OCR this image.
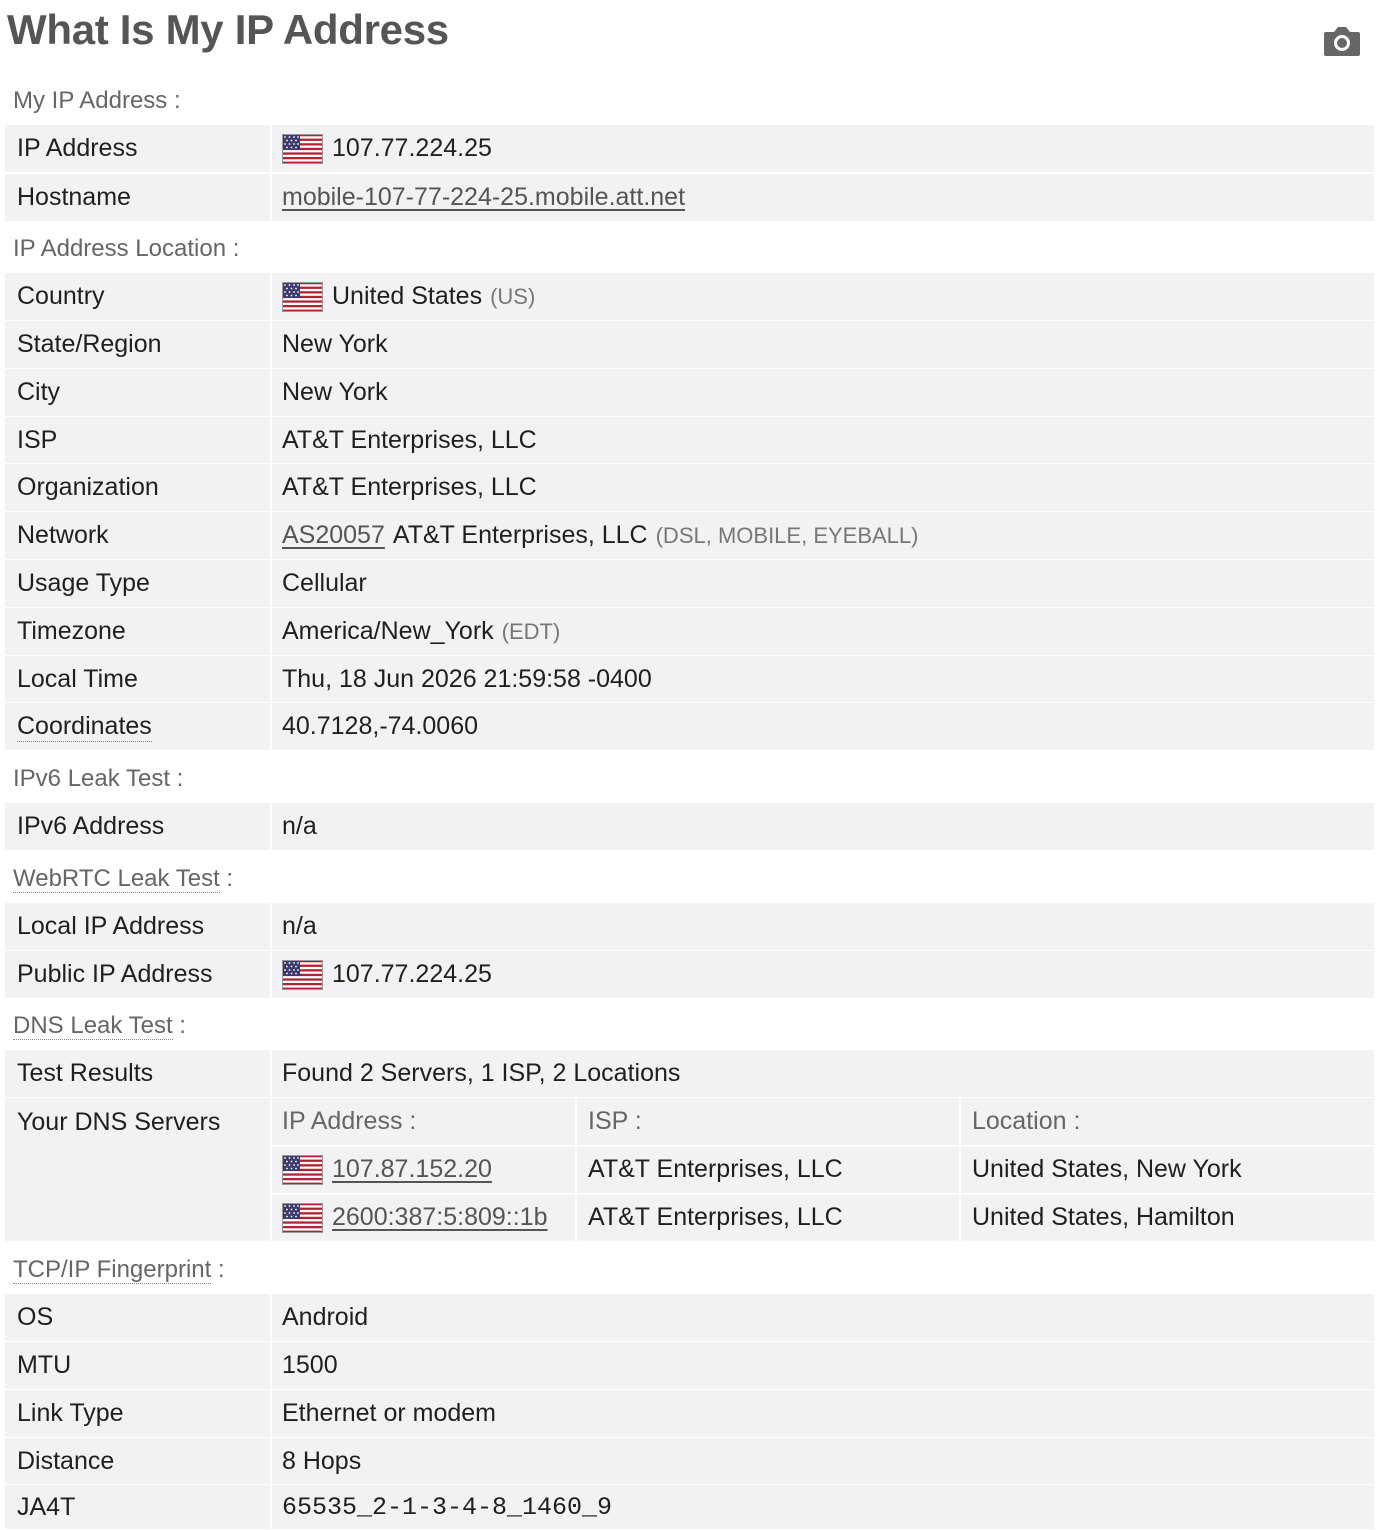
What Is My IP Address
My IP Address :
IP Address	107.77.224.25
Hostname	mobile-107-77-224-25.mobile.att.net
IP Address Location :
Country	United States (US)
State/Region	New York
City	New York
ISP	AT&T Enterprises, LLC
Organization	AT&T Enterprises, LLC
Network	AS20057 AT&T Enterprises, LLC (DSL, MOBILE, EYEBALL)
Usage Type	Cellular
Timezone	America/New_York (EDT)
Local Time	Thu, 18 Jun 2026 21:59:58 -0400
Coordinates	40.7128,-74.0060
IPv6 Leak Test :
IPv6 Address	n/a
WebRTC Leak Test :
Local IP Address	n/a
Public IP Address	107.77.224.25
DNS Leak Test :
Test Results	Found 2 Servers, 1 ISP, 2 Locations
Your DNS Servers	IP Address :	ISP :	Location :
107.87.152.20	AT&T Enterprises, LLC	United States, New York
2600:387:5:809::1b	AT&T Enterprises, LLC	United States, Hamilton
TCP/IP Fingerprint :
OS	Android
MTU	1500
Link Type	Ethernet or modem
Distance	8 Hops
JA4T	65535_2-1-3-4-8_1460_9
